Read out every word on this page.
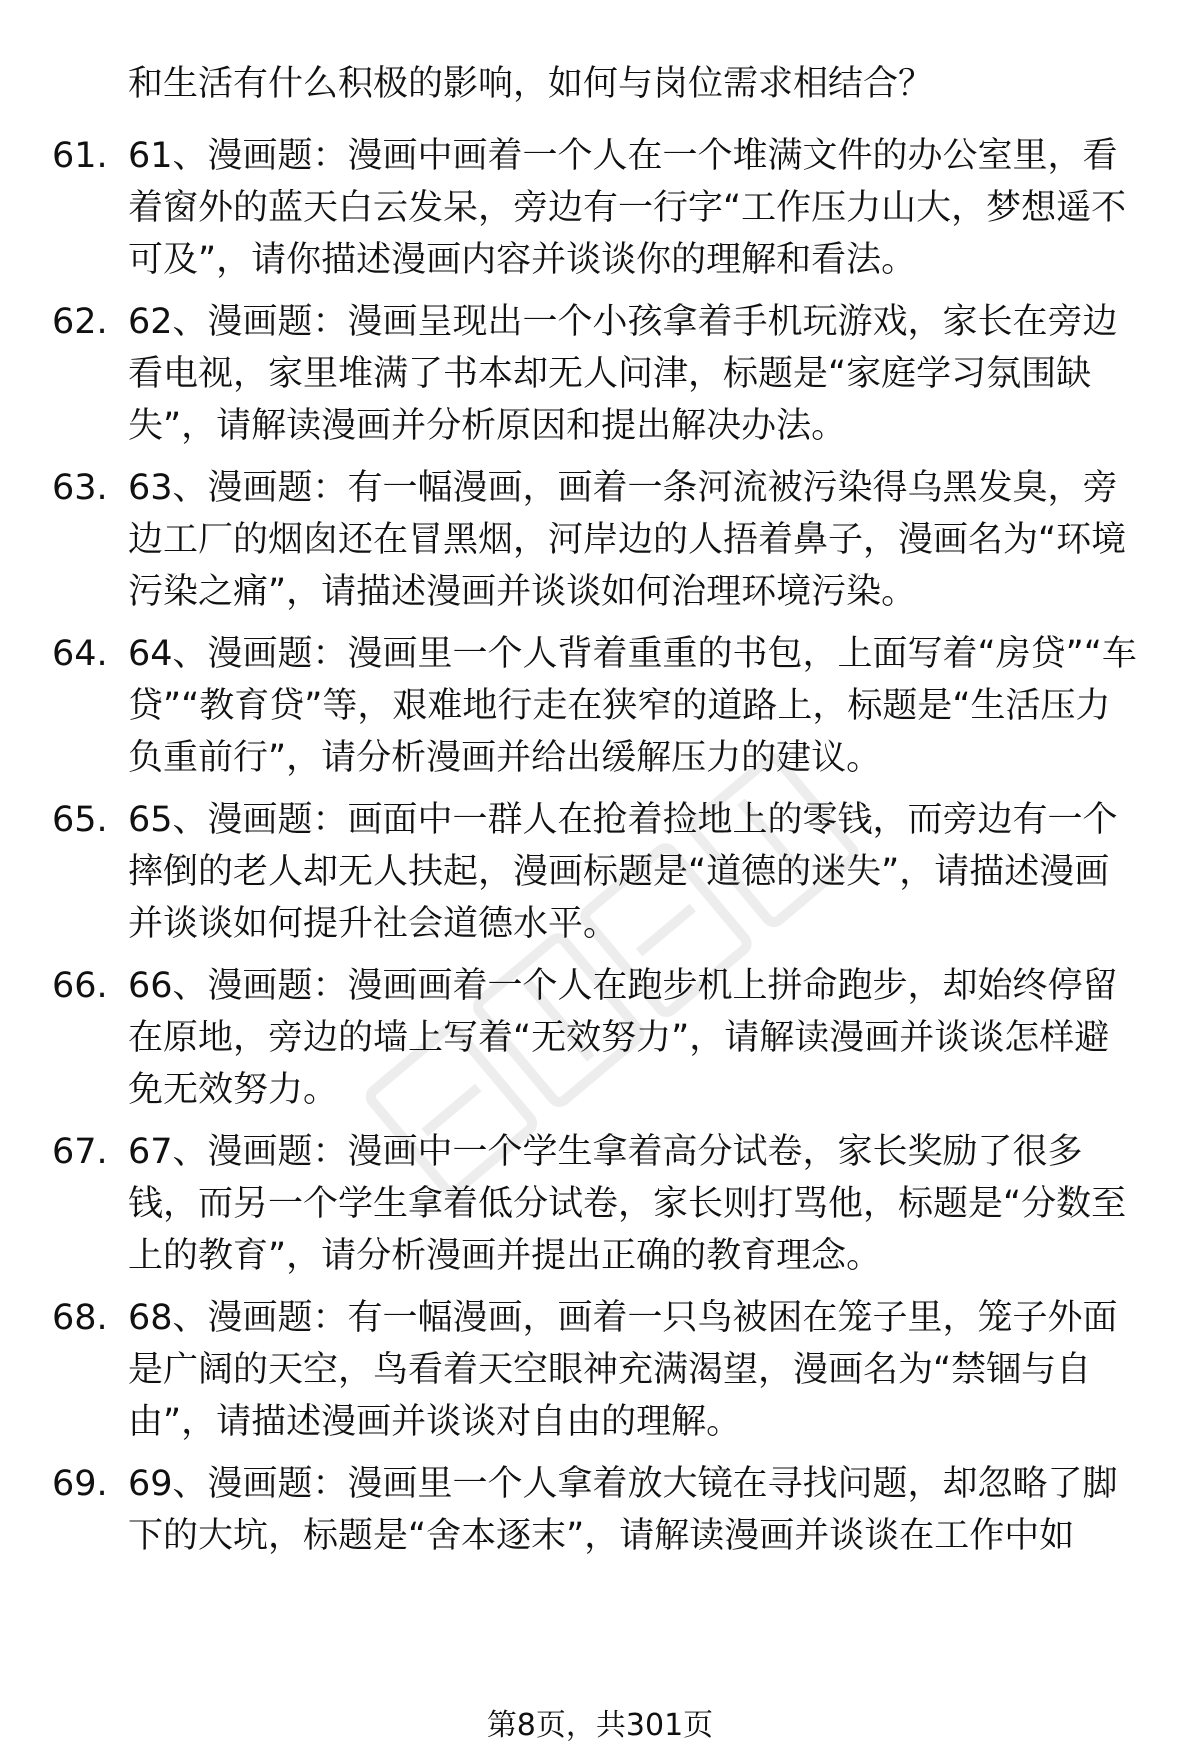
和生活有什么积极的影响，如何与岗位需求相结合？
61. 61、漫画题：漫画中画着一个人在一个堆满文件的办公室里，看着窗外的蓝天白云发呆，旁边有一行字“工作压力山大，梦想遥不可及”，请你描述漫画内容并谈谈你的理解和看法。
62. 62、漫画题：漫画呈现出一个小孩拿着手机玩游戏，家长在旁边看电视，家里堆满了书本却无人问津，标题是“家庭学习氛围缺失”，请解读漫画并分析原因和提出解决办法。
63. 63、漫画题：有一幅漫画，画着一条河流被污染得乌黑发臭，旁边工厂的烟囱还在冒黑烟，河岸边的人捂着鼻子，漫画名为“环境污染之痛”，请描述漫画并谈谈如何治理环境污染。
64. 64、漫画题：漫画里一个人背着重重的书包，上面写着“房贷”“车贷”“教育贷”等，艰难地行走在狭窄的道路上，标题是“生活压力负重前行”，请分析漫画并给出缓解压力的建议。
65. 65、漫画题：画面中一群人在抢着捡地上的零钱，而旁边有一个摔倒的老人却无人扶起，漫画标题是“道德的迷失”，请描述漫画并谈谈如何提升社会道德水平。
66. 66、漫画题：漫画画着一个人在跑步机上拼命跑步，却始终停留在原地，旁边的墙上写着“无效努力”，请解读漫画并谈谈怎样避免无效努力。
67. 67、漫画题：漫画中一个学生拿着高分试卷，家长奖励了很多钱，而另一个学生拿着低分试卷，家长则打骂他，标题是“分数至上的教育”，请分析漫画并提出正确的教育理念。
68. 68、漫画题：有一幅漫画，画着一只鸟被困在笼子里，笼子外面是广阔的天空，鸟看着天空眼神充满渴望，漫画名为“禁锢与自由”，请描述漫画并谈谈对自由的理解。
69. 69、漫画题：漫画里一个人拿着放大镜在寻找问题，却忽略了脚下的大坑，标题是“舍本逐末”，请解读漫画并谈谈在工作中如
第8页，共301页
